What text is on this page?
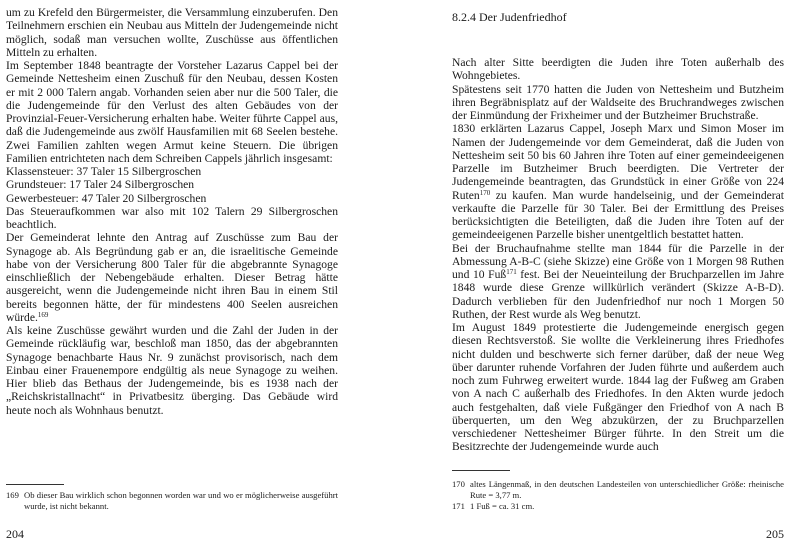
um zu Krefeld den Bürgermeister, die Versammlung einzuberufen. Den Teilnehmern erschien ein Neubau aus Mitteln der Judengemeinde nicht möglich, sodaß man versuchen wollte, Zuschüsse aus öffentlichen Mitteln zu erhalten.

Im September 1848 beantragte der Vorsteher Lazarus Cappel bei der Gemeinde Nettesheim einen Zuschuß für den Neubau, dessen Kosten er mit 2 000 Talern angab. Vorhanden seien aber nur die 500 Taler, die die Judengemeinde für den Verlust des alten Gebäudes von der Provinzial-Feuer-Versicherung erhalten habe. Weiter führte Cappel aus, daß die Judengemeinde aus zwölf Hausfamilien mit 68 Seelen bestehe. Zwei Familien zahlten wegen Armut keine Steuern. Die übrigen Familien entrichteten nach dem Schreiben Cappels jährlich insgesamt:

Klassensteuer: 37 Taler 15 Silbergroschen

Grundsteuer: 17 Taler 24 Silbergroschen

Gewerbesteuer: 47 Taler 20 Silbergroschen

Das Steueraufkommen war also mit 102 Talern 29 Silbergroschen beachtlich.

Der Gemeinderat lehnte den Antrag auf Zuschüsse zum Bau der Synagoge ab. Als Begründung gab er an, die israelitische Gemeinde habe von der Versicherung 800 Taler für die abgebrannte Synagoge einschließlich der Nebengebäude erhalten. Dieser Betrag hätte ausgereicht, wenn die Judengemeinde nicht ihren Bau in einem Stil bereits begonnen hätte, der für mindestens 400 Seelen ausreichen würde.$^{169}$

Als keine Zuschüsse gewährt wurden und die Zahl der Juden in der Gemeinde rückläufig war, beschloß man 1850, das der abgebrannten Synagoge benachbarte Haus Nr. 9 zunächst provisorisch, nach dem Einbau einer Frauenempore endgültig als neue Synagoge zu weihen. Hier blieb das Bethaus der Judengemeinde, bis es 1938 nach der „Reichskristallnacht“ in Privatbesitz überging. Das Gebäude wird heute noch als Wohnhaus benutzt.

169 Ob dieser Bau wirklich schon begonnen worden war und wo er möglicherweise ausgeführt wurde, ist nicht bekannt.
204
8.2.4 Der Judenfriedhof

Nach alter Sitte beerdigten die Juden ihre Toten außerhalb des Wohngebietes.

Spätestens seit 1770 hatten die Juden von Nettesheim und Butzheim ihren Begräbnisplatz auf der Waldseite des Bruchrandweges zwischen der Einmündung der Frixheimer und der Butzheimer Bruchstraße.

1830 erklärten Lazarus Cappel, Joseph Marx und Simon Moser im Namen der Judengemeinde vor dem Gemeinderat, daß die Juden von Nettesheim seit 50 bis 60 Jahren ihre Toten auf einer gemeindeeigenen Parzelle im Butzheimer Bruch beerdigten. Die Vertreter der Judengemeinde beantragten, das Grundstück in einer Größe von 224 Ruten$^{170}$ zu kaufen. Man wurde handelseinig, und der Gemeinderat verkaufte die Parzelle für 30 Taler. Bei der Ermittlung des Preises berücksichtigten die Beteiligten, daß die Juden ihre Toten auf der gemeindeeigenen Parzelle bisher unentgeltlich bestattet hatten.

Bei der Bruchaufnahme stellte man 1844 für die Parzelle in der Abmessung A-B-C (siehe Skizze) eine Größe von 1 Morgen 98 Ruthen und 10 Fuß$^{171}$ fest. Bei der Neueinteilung der Bruchparzellen im Jahre 1848 wurde diese Grenze willkürlich verändert (Skizze A-B-D). Dadurch verblieben für den Judenfriedhof nur noch 1 Morgen 50 Ruthen, der Rest wurde als Weg benutzt.

Im August 1849 protestierte die Judengemeinde energisch gegen diesen Rechtsverstoß. Sie wollte die Verkleinerung ihres Friedhofes nicht dulden und beschwerte sich ferner darüber, daß der neue Weg über darunter ruhende Vorfahren der Juden führte und außerdem auch noch zum Fuhrweg erweitert wurde. 1844 lag der Fußweg am Graben von A nach C außerhalb des Friedhofes. In den Akten wurde jedoch auch festgehalten, daß viele Fußgänger den Friedhof von A nach B überquerten, um den Weg abzukürzen, der zu Bruchparzellen verschiedener Nettesheimer Bürger führte. In den Streit um die Besitzrechte der Judengemeinde wurde auch

170 altes Längenmaß, in den deutschen Landesteilen von unterschiedlicher Größe: rheinische Rute = 3,77 m.
171 1 Fuß = ca. 31 cm.
205
